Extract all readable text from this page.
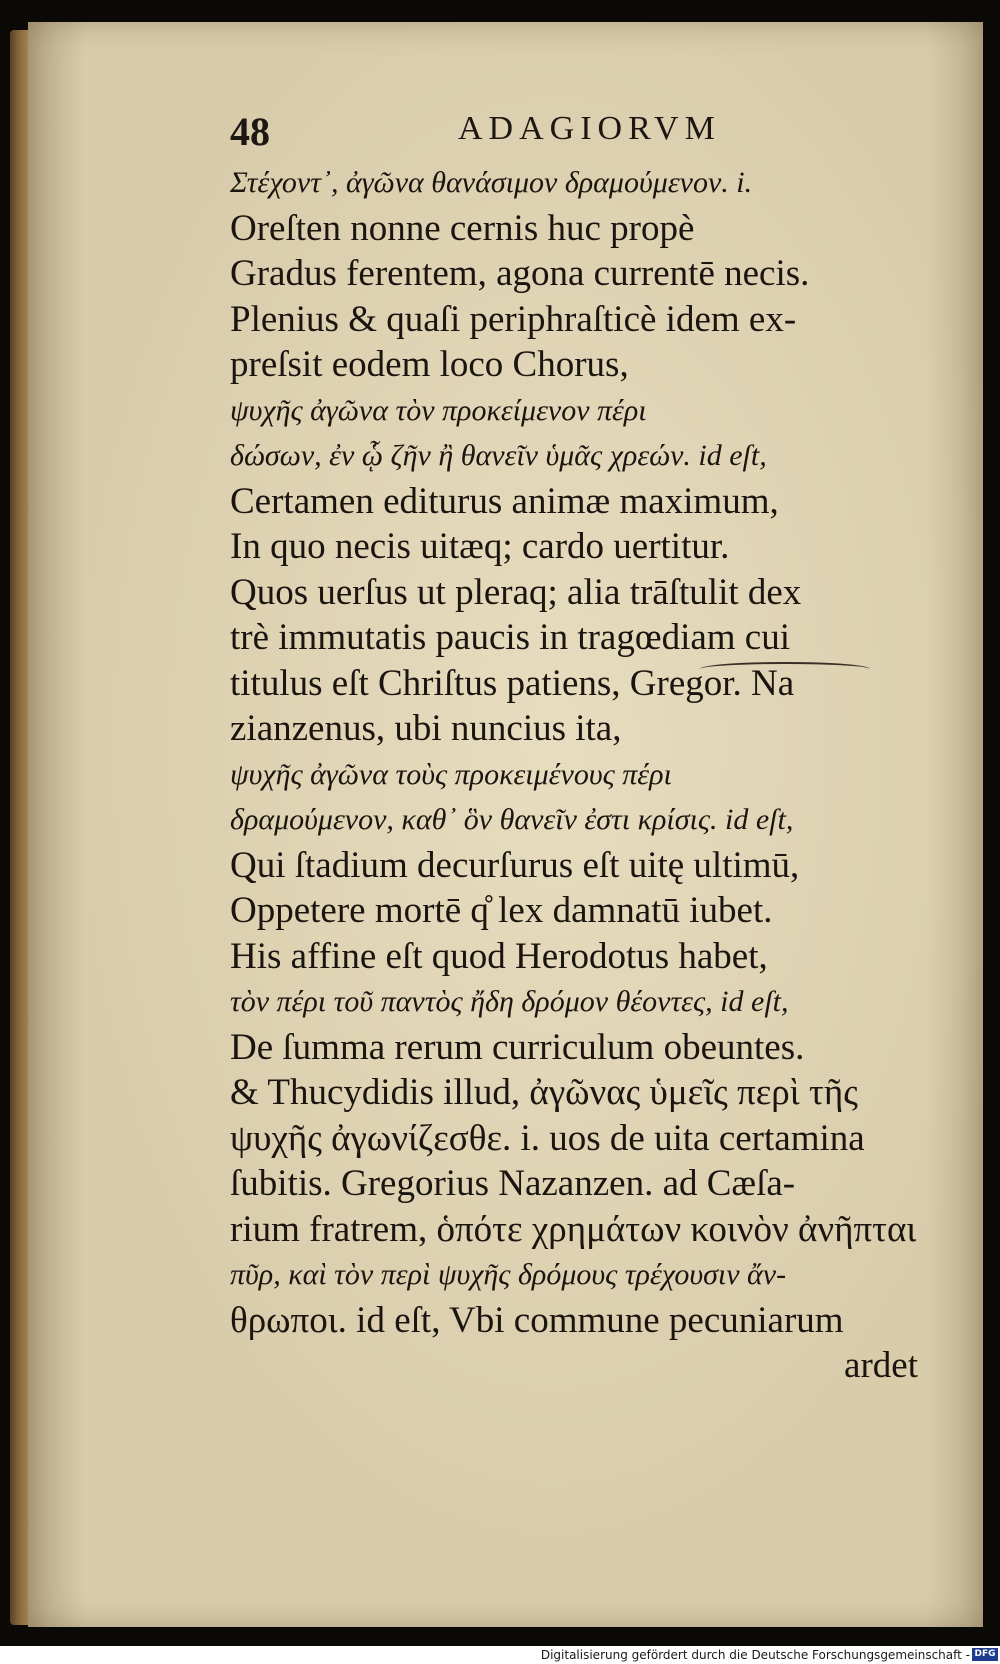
48	ADAGIORVM
Στέχοντ᾽, ἀγῶνα θανάσιμον δραμούμενον. i.
Oreſten nonne cernis huc propè
Gradus ferentem, agona currentē necis.
Plenius & quaſi periphraſticè idem ex-
preſsit eodem loco Chorus,
ψυχῆς ἀγῶνα τὸν προκείμενον πέρι
δώσων, ἐν ᾧ ζῆν ἢ θανεῖν ὑμᾶς χρεών. id eſt,
Certamen editurus animæ maximum,
In quo necis uitæq; cardo uertitur.
Quos uerſus ut pleraq; alia trāſtulit dex
trè immutatis paucis in tragœdiam cui
titulus eſt Chriſtus patiens, Gregor. Na
zianzenus, ubi nuncius ita,
ψυχῆς ἀγῶνα τοὺς προκειμένους πέρι
δραμούμενον, καθ᾽ ὃν θανεῖν ἐστι κρίσις. id eſt,
Qui ſtadium decurſurus eſt uitę ultimū,
Oppetere mortē q̊ lex damnatū iubet.
His affine eſt quod Herodotus habet,
τὸν πέρι τοῦ παντὸς ἤδη δρόμον θέοντες, id eſt,
De ſumma rerum curriculum obeuntes.
& Thucydidis illud, ἀγῶνας ὑμεῖς περὶ τῆς
ψυχῆς ἀγωνίζεσθε. i. uos de uita certamina
ſubitis. Gregorius Nazanzen. ad Cæſa-
rium fratrem, ὁπότε χρημάτων κοινὸν ἀνῆπται
πῦρ, καὶ τὸν περὶ ψυχῆς δρόμους τρέχουσιν ἄν-
θρωποι. id eſt, Vbi commune pecuniarum
ardet
Digitalisierung gefördert durch die Deutsche Forschungsgemeinschaft - DFG
